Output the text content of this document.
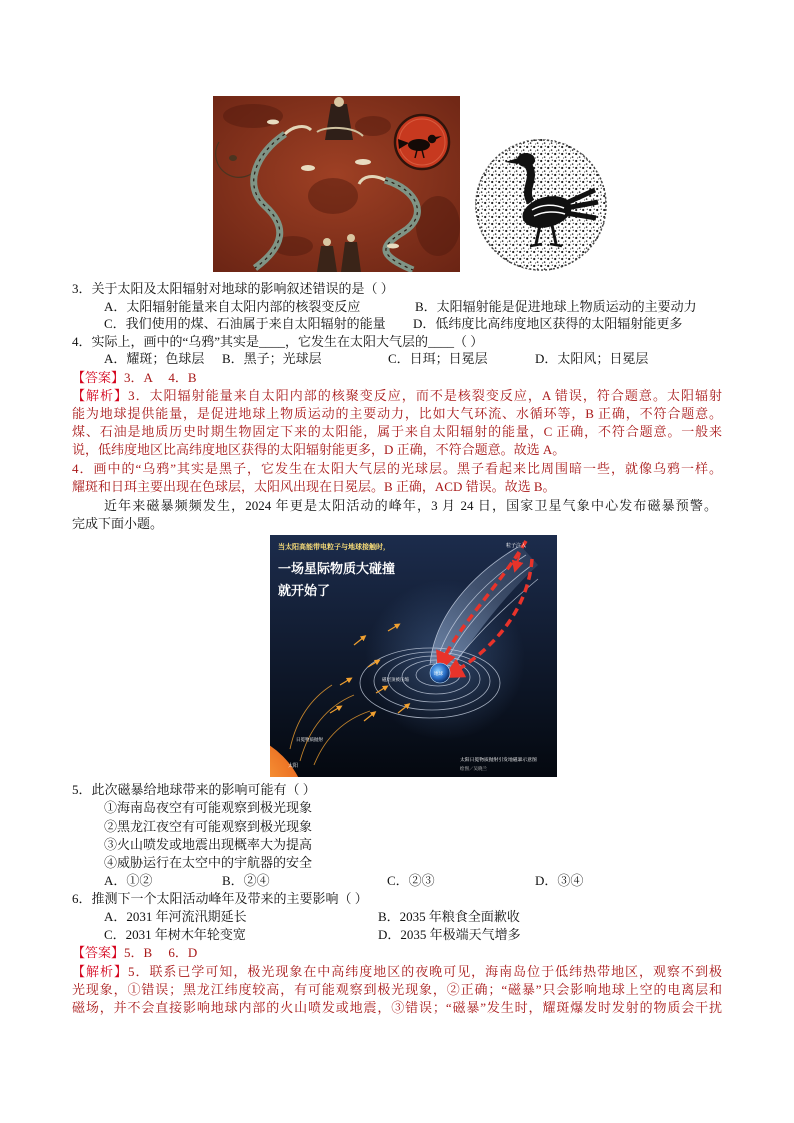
3．关于太阳及太阳辐射对地球的影响叙述错误的是（ ）
A．太阳辐射能量来自太阳内部的核裂变反应	B．太阳辐射能是促进地球上物质运动的主要动力
C．我们使用的煤、石油属于来自太阳辐射的能量 D．低纬度比高纬度地区获得的太阳辐射能更多
4．实际上，画中的“乌鸦”其实是____，它发生在太阳大气层的____（ ）
A．耀斑；色球层 B．黑子；光球层	C．日珥；日冕层	D．太阳风；日冕层
【答案】3．A     4．B
【解析】3．太阳辐射能量来自太阳内部的核聚变反应，而不是核裂变反应，A 错误，符合题意。太阳辐射
能为地球提供能量，是促进地球上物质运动的主要动力，比如大气环流、水循环等，B 正确，不符合题意。
煤、石油是地质历史时期生物固定下来的太阳能，属于来自太阳辐射的能量，C 正确，不符合题意。一般来
说，低纬度地区比高纬度地区获得的太阳辐射能更多，D 正确，不符合题意。故选 A。
4．画中的“乌鸦”其实是黑子，它发生在太阳大气层的光球层。黑子看起来比周围暗一些，就像乌鸦一样。
耀斑和日珥主要出现在色球层，太阳风出现在日冕层。B 正确，ACD 错误。故选 B。
近年来磁暴频频发生，2024 年更是太阳活动的峰年，3 月 24 日，国家卫星气象中心发布磁暴预警。
完成下面小题。
当太阳高能带电粒子与地球接触时，
一场星际物质大碰撞
就开始了
粒子注入
地球
磁层顶被压缩
日冕物质抛射
太阳
太阳日冕物质抛射引发地磁暴示意图
绘图／吴晓兰
5．此次磁暴给地球带来的影响可能有（ ）
①海南岛夜空有可能观察到极光现象
②黑龙江夜空有可能观察到极光现象
③火山喷发或地震出现概率大为提高
④威胁运行在太空中的宇航器的安全
A．①②	B．②④	C．②③	D．③④
6．推测下一个太阳活动峰年及带来的主要影响（ ）
A．2031 年河流汛期延长	B．2035 年粮食全面歉收
C．2031 年树木年轮变宽	D．2035 年极端天气增多
【答案】5．B     6．D
【解析】5．联系已学可知，极光现象在中高纬度地区的夜晚可见，海南岛位于低纬热带地区，观察不到极
光现象，①错误；黑龙江纬度较高，有可能观察到极光现象，②正确；“磁暴”只会影响地球上空的电离层和
磁场，并不会直接影响地球内部的火山喷发或地震，③错误；“磁暴”发生时，耀斑爆发时发射的物质会干扰
